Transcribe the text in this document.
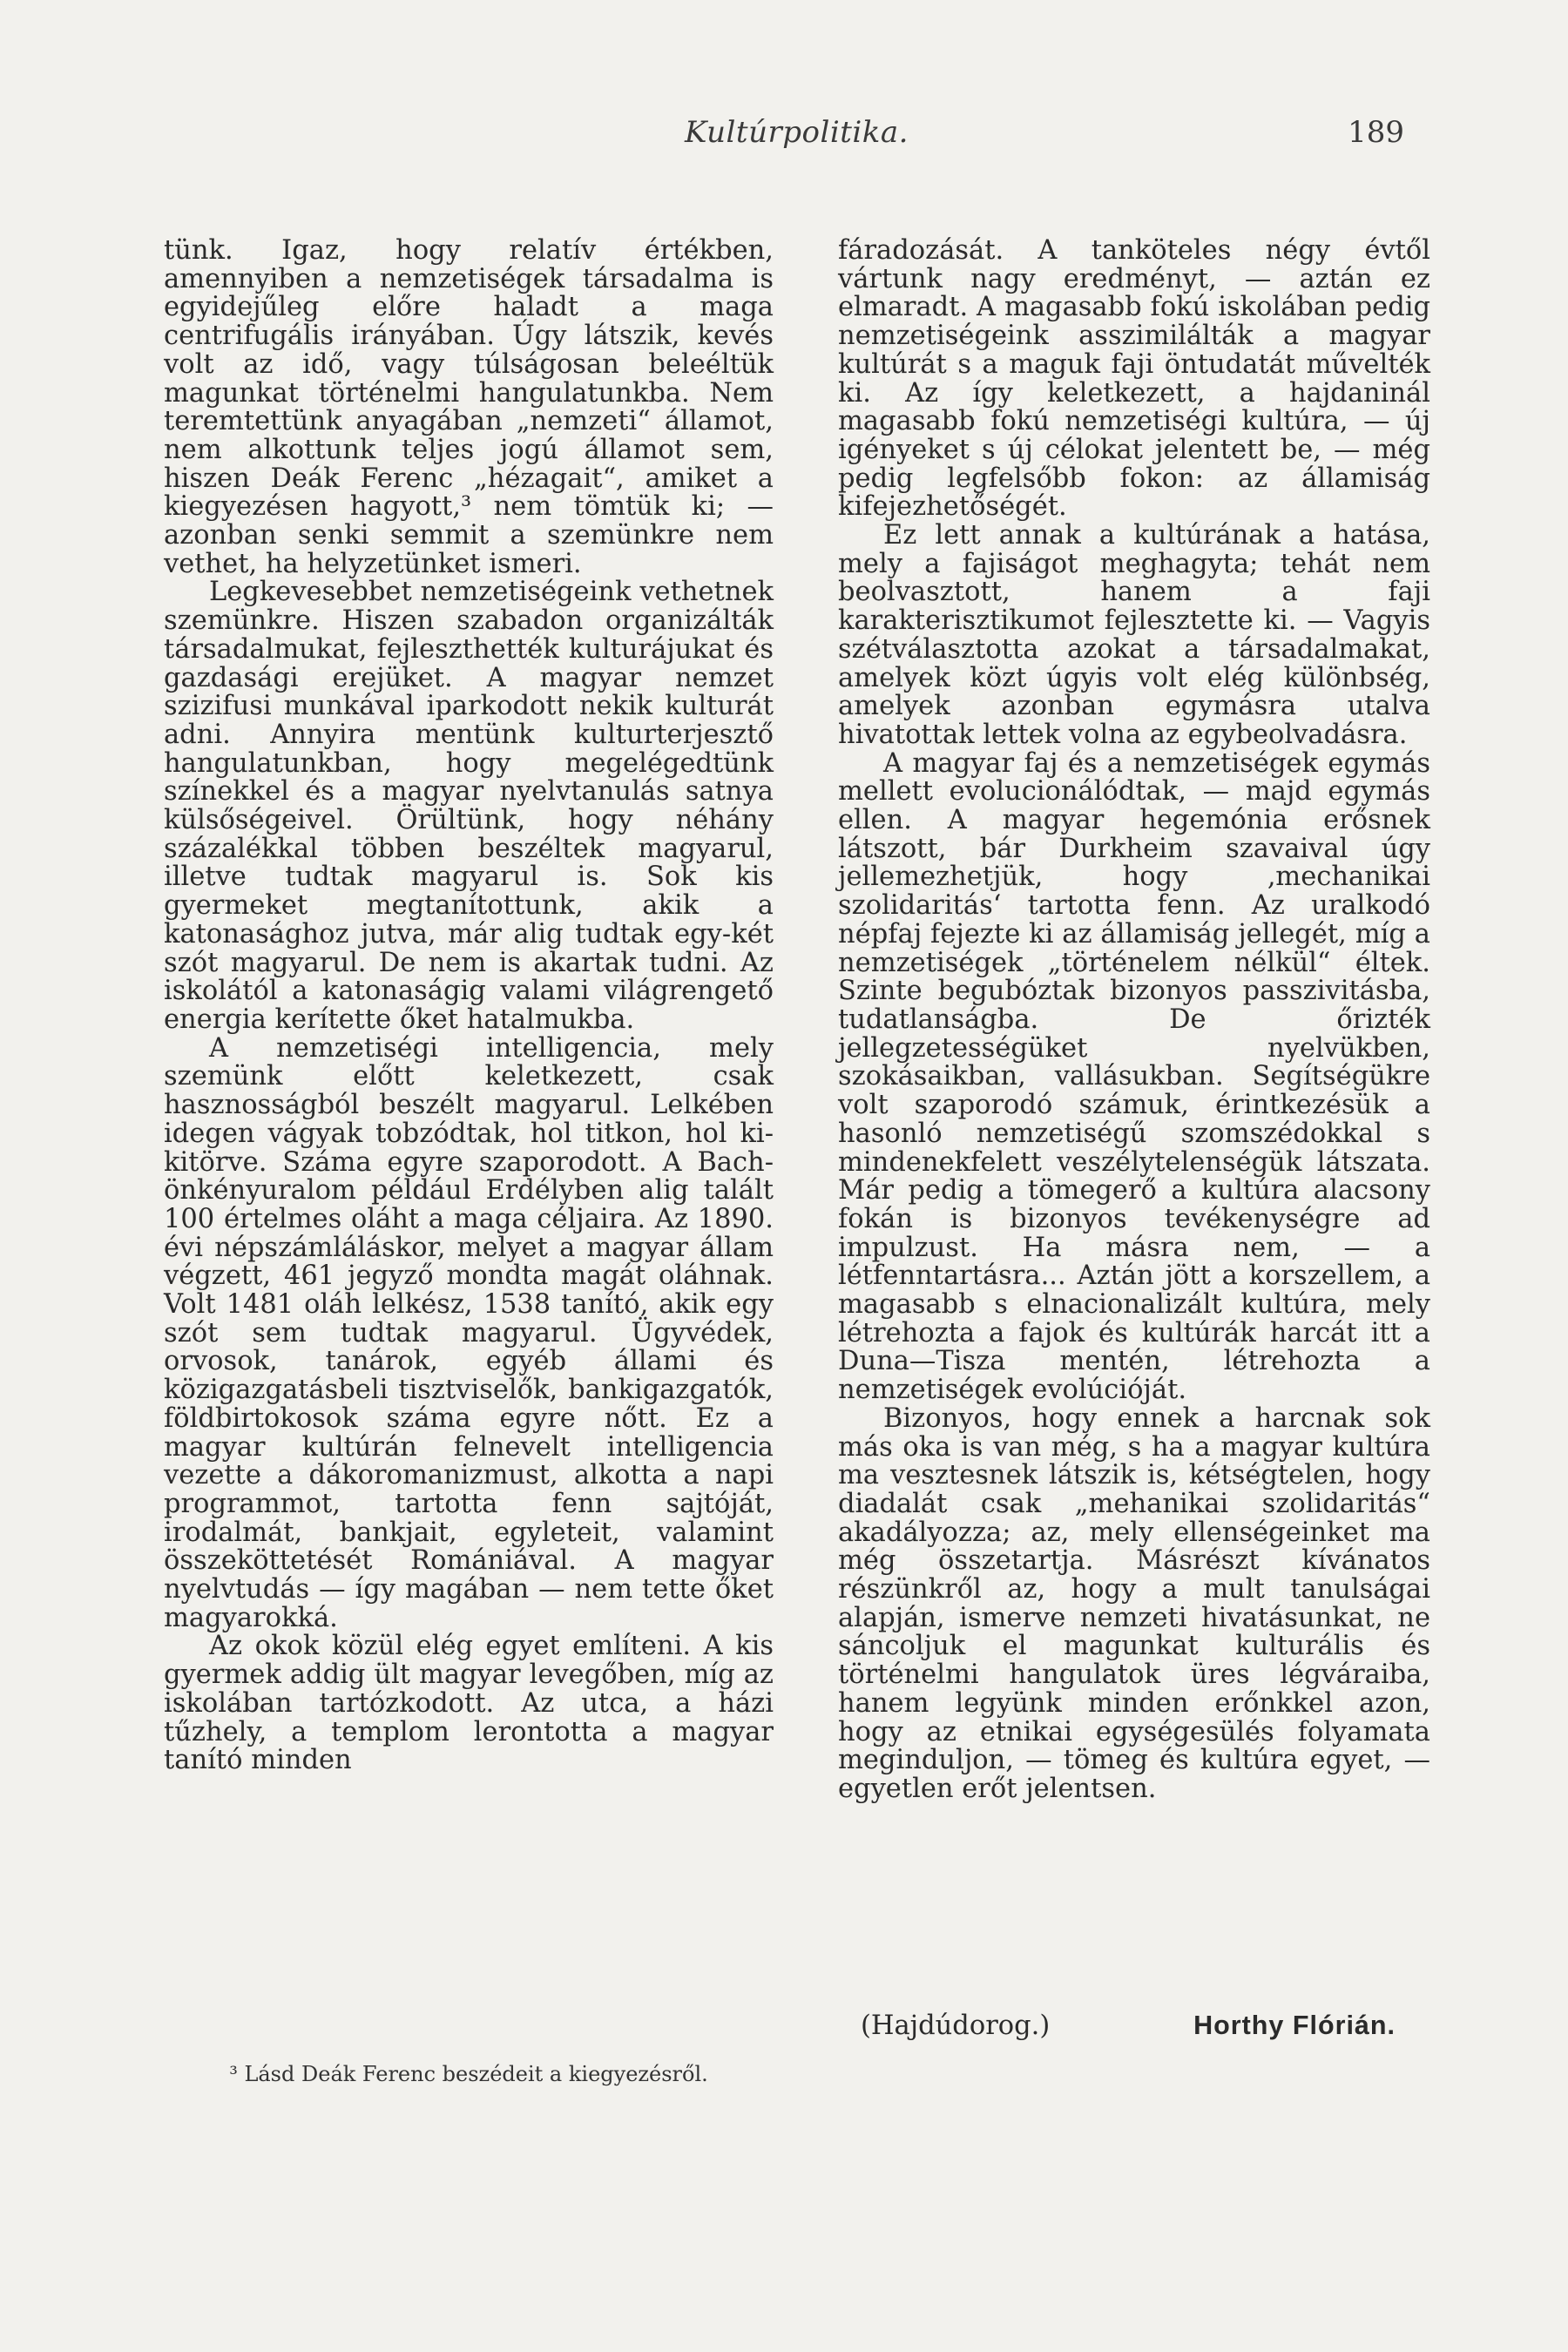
Kultúrpolitika.	189

tünk. Igaz, hogy relatív értékben, amennyiben a nemzetiségek társadalma is egyidejűleg előre haladt a maga centrifugális irányában. Úgy látszik, kevés volt az idő, vagy túlságosan beleéltük magunkat történelmi hangulatunkba. Nem teremtettünk anyagában „nemzeti“ államot, nem alkottunk teljes jogú államot sem, hiszen Deák Ferenc „hézagait“, amiket a kiegyezésen hagyott,³ nem tömtük ki; — azonban senki semmit a szemünkre nem vethet, ha helyzetünket ismeri.

Legkevesebbet nemzetiségeink vethetnek szemünkre. Hiszen szabadon organizálták társadalmukat, fejleszthették kulturájukat és gazdasági erejüket. A magyar nemzet szizifusi munkával iparkodott nekik kulturát adni. Annyira mentünk kulturterjesztő hangulatunkban, hogy megelégedtünk színekkel és a magyar nyelvtanulás satnya külsőségeivel. Örültünk, hogy néhány százalékkal többen beszéltek magyarul, illetve tudtak magyarul is. Sok kis gyermeket megtanítottunk, akik a katonasághoz jutva, már alig tudtak egy-két szót magyarul. De nem is akartak tudni. Az iskolától a katonaságig valami világrengető energia kerítette őket hatalmukba.

A nemzetiségi intelligencia, mely szemünk előtt keletkezett, csak hasznosságból beszélt magyarul. Lelkében idegen vágyak tobzódtak, hol titkon, hol ki-kitörve. Száma egyre szaporodott. A Bach-önkényuralom például Erdélyben alig talált 100 értelmes oláht a maga céljaira. Az 1890. évi népszámláláskor, melyet a magyar állam végzett, 461 jegyző mondta magát oláhnak. Volt 1481 oláh lelkész, 1538 tanító, akik egy szót sem tudtak magyarul. Ügyvédek, orvosok, tanárok, egyéb állami és közigazgatásbeli tisztviselők, bankigazgatók, földbirtokosok száma egyre nőtt. Ez a magyar kultúrán felnevelt intelligencia vezette a dákoromanizmust, alkotta a napi programmot, tartotta fenn sajtóját, irodalmát, bankjait, egyleteit, valamint összeköttetését Romániával. A magyar nyelvtudás — így magában — nem tette őket magyarokká.

Az okok közül elég egyet említeni. A kis gyermek addig ült magyar levegőben, míg az iskolában tartózkodott. Az utca, a házi tűzhely, a templom lerontotta a magyar tanító minden

³ Lásd Deák Ferenc beszédeit a kiegyezésről.

fáradozását. A tanköteles négy évtől vártunk nagy eredményt, — aztán ez elmaradt. A magasabb fokú iskolában pedig nemzetiségeink asszimilálták a magyar kultúrát s a maguk faji öntudatát művelték ki. Az így keletkezett, a hajdaninál magasabb fokú nemzetiségi kultúra, — új igényeket s új célokat jelentett be, — még pedig legfelsőbb fokon: az államiság kifejezhetőségét.

Ez lett annak a kultúrának a hatása, mely a fajiságot meghagyta; tehát nem beolvasztott, hanem a faji karakterisztikumot fejlesztette ki. — Vagyis szétválasztotta azokat a társadalmakat, amelyek közt úgyis volt elég különbség, amelyek azonban egymásra utalva hivatottak lettek volna az egybeolvadásra.

A magyar faj és a nemzetiségek egymás mellett evolucionálódtak, — majd egymás ellen. A magyar hegemónia erősnek látszott, bár Durkheim szavaival úgy jellemezhetjük, hogy ‚mechanikai szolidaritás‘ tartotta fenn. Az uralkodó népfaj fejezte ki az államiság jellegét, míg a nemzetiségek „történelem nélkül“ éltek. Szinte begubóztak bizonyos passzivitásba, tudatlanságba. De őrizték jellegzetességüket nyelvükben, szokásaikban, vallásukban. Segítségükre volt szaporodó számuk, érintkezésük a hasonló nemzetiségű szomszédokkal s mindenekfelett veszélytelenségük látszata. Már pedig a tömegerő a kultúra alacsony fokán is bizonyos tevékenységre ad impulzust. Ha másra nem, — a létfenntartásra... Aztán jött a korszellem, a magasabb s elnacionalizált kultúra, mely létrehozta a fajok és kultúrák harcát itt a Duna—Tisza mentén, létrehozta a nemzetiségek evolúcióját.

Bizonyos, hogy ennek a harcnak sok más oka is van még, s ha a magyar kultúra ma vesztesnek látszik is, kétségtelen, hogy diadalát csak „mehanikai szolidaritás“ akadályozza; az, mely ellenségeinket ma még összetartja. Másrészt kívánatos részünkről az, hogy a mult tanulságai alapján, ismerve nemzeti hivatásunkat, ne sáncoljuk el magunkat kulturális és történelmi hangulatok üres légváraiba, hanem legyünk minden erőnkkel azon, hogy az etnikai egységesülés folyamata meginduljon, — tömeg és kultúra egyet, — egyetlen erőt jelentsen.

(Hajdúdorog.)	Horthy Flórián.
